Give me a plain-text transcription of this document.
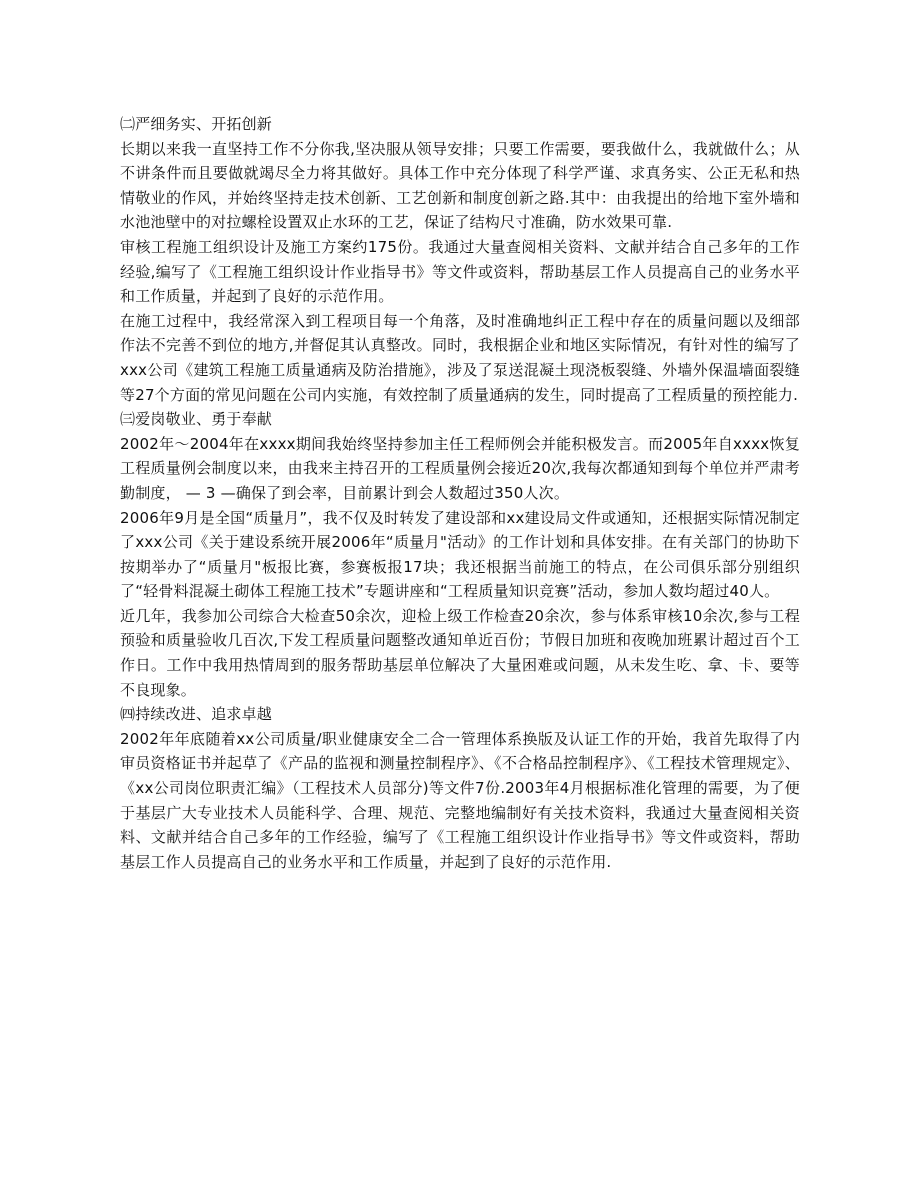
㈡严细务实、开拓创新

长期以来我一直坚持工作不分你我,坚决服从领导安排；只要工作需要，要我做什么，我就做什么；从不讲条件而且要做就竭尽全力将其做好。具体工作中充分体现了科学严谨、求真务实、公正无私和热情敬业的作风，并始终坚持走技术创新、工艺创新和制度创新之路.其中：由我提出的给地下室外墙和水池池壁中的对拉螺栓设置双止水环的工艺，保证了结构尺寸准确，防水效果可靠.

审核工程施工组织设计及施工方案约175份。我通过大量查阅相关资料、文献并结合自己多年的工作经验,编写了《工程施工组织设计作业指导书》等文件或资料，帮助基层工作人员提高自己的业务水平和工作质量，并起到了良好的示范作用。

在施工过程中，我经常深入到工程项目每一个角落，及时准确地纠正工程中存在的质量问题以及细部作法不完善不到位的地方,并督促其认真整改。同时，我根据企业和地区实际情况，有针对性的编写了xxx公司《建筑工程施工质量通病及防治措施》，涉及了泵送混凝土现浇板裂缝、外墙外保温墙面裂缝等27个方面的常见问题在公司内实施，有效控制了质量通病的发生，同时提高了工程质量的预控能力.

㈢爱岗敬业、勇于奉献

2002年～2004年在xxxx期间我始终坚持参加主任工程师例会并能积极发言。而2005年自xxxx恢复工程质量例会制度以来，由我来主持召开的工程质量例会接近20次,我每次都通知到每个单位并严肃考勤制度， — 3 —确保了到会率，目前累计到会人数超过350人次。

2006年9月是全国“质量月”，我不仅及时转发了建设部和xx建设局文件或通知，还根据实际情况制定了xxx公司《关于建设系统开展2006年“质量月"活动》的工作计划和具体安排。在有关部门的协助下按期举办了“质量月"板报比赛，参赛板报17块；我还根据当前施工的特点，在公司俱乐部分别组织了“轻骨料混凝土砌体工程施工技术”专题讲座和“工程质量知识竞赛”活动，参加人数均超过40人。

近几年，我参加公司综合大检查50余次，迎检上级工作检查20余次，参与体系审核10余次,参与工程预验和质量验收几百次,下发工程质量问题整改通知单近百份；节假日加班和夜晚加班累计超过百个工作日。工作中我用热情周到的服务帮助基层单位解决了大量困难或问题，从未发生吃、拿、卡、要等不良现象。

㈣持续改进、追求卓越

2002年年底随着xx公司质量/职业健康安全二合一管理体系换版及认证工作的开始，我首先取得了内审员资格证书并起草了《产品的监视和测量控制程序》、《不合格品控制程序》、《工程技术管理规定》、《xx公司岗位职责汇编》（工程技术人员部分)等文件7份.2003年4月根据标准化管理的需要，为了便于基层广大专业技术人员能科学、合理、规范、完整地编制好有关技术资料，我通过大量查阅相关资料、文献并结合自己多年的工作经验，编写了《工程施工组织设计作业指导书》等文件或资料，帮助基层工作人员提高自己的业务水平和工作质量，并起到了良好的示范作用.
